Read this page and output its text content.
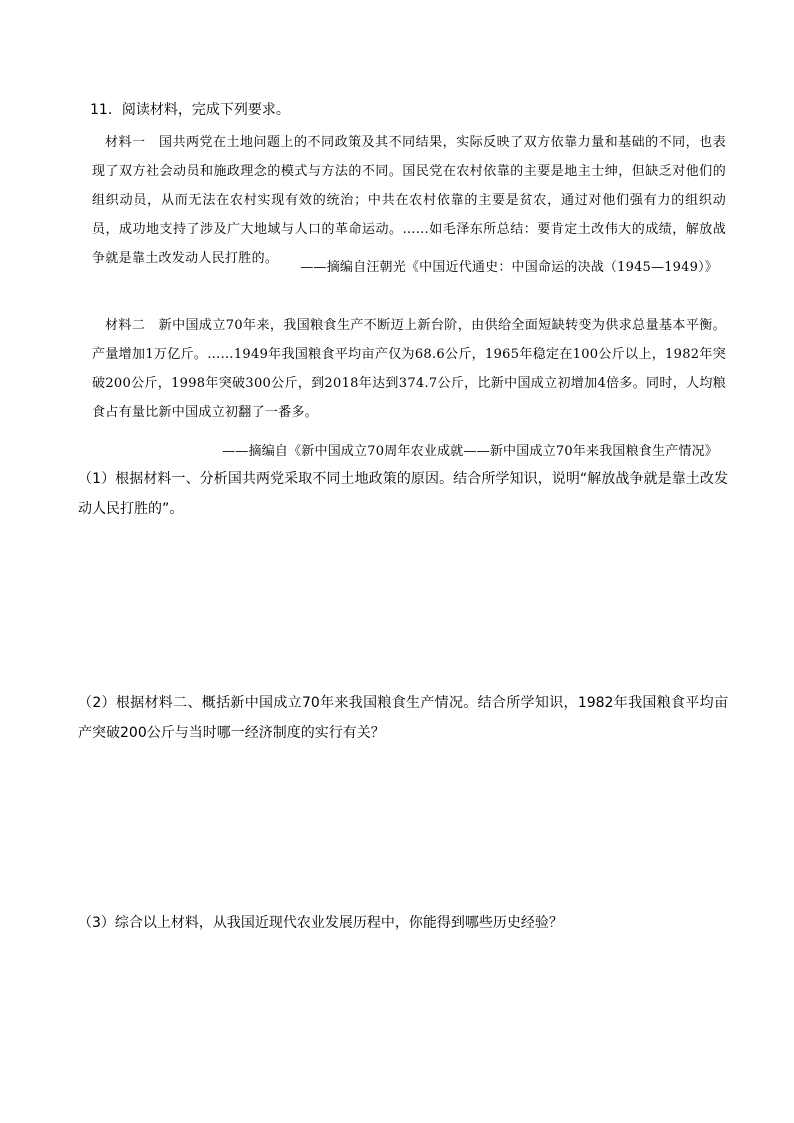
11．阅读材料，完成下列要求。
材料一　国共两党在土地问题上的不同政策及其不同结果，实际反映了双方依靠力量和基础的不同，也表现了双方社会动员和施政理念的模式与方法的不同。国民党在农村依靠的主要是地主士绅，但缺乏对他们的组织动员，从而无法在农村实现有效的统治；中共在农村依靠的主要是贫农，通过对他们强有力的组织动员，成功地支持了涉及广大地域与人口的革命运动。……如毛泽东所总结：要肯定土改伟大的成绩，解放战争就是靠土改发动人民打胜的。
——摘编自汪朝光《中国近代通史：中国命运的决战（1945—1949）》
材料二　新中国成立70年来，我国粮食生产不断迈上新台阶，由供给全面短缺转变为供求总量基本平衡。产量增加1万亿斤。……1949年我国粮食平均亩产仅为68.6公斤，1965年稳定在100公斤以上，1982年突破200公斤，1998年突破300公斤，到2018年达到374.7公斤，比新中国成立初增加4倍多。同时，人均粮食占有量比新中国成立初翻了一番多。
——摘编自《新中国成立70周年农业成就——新中国成立70年来我国粮食生产情况》
（1）根据材料一、分析国共两党采取不同土地政策的原因。结合所学知识，说明“解放战争就是靠土改发动人民打胜的”。
（2）根据材料二、概括新中国成立70年来我国粮食生产情况。结合所学知识，1982年我国粮食平均亩产突破200公斤与当时哪一经济制度的实行有关？
（3）综合以上材料，从我国近现代农业发展历程中，你能得到哪些历史经验？
